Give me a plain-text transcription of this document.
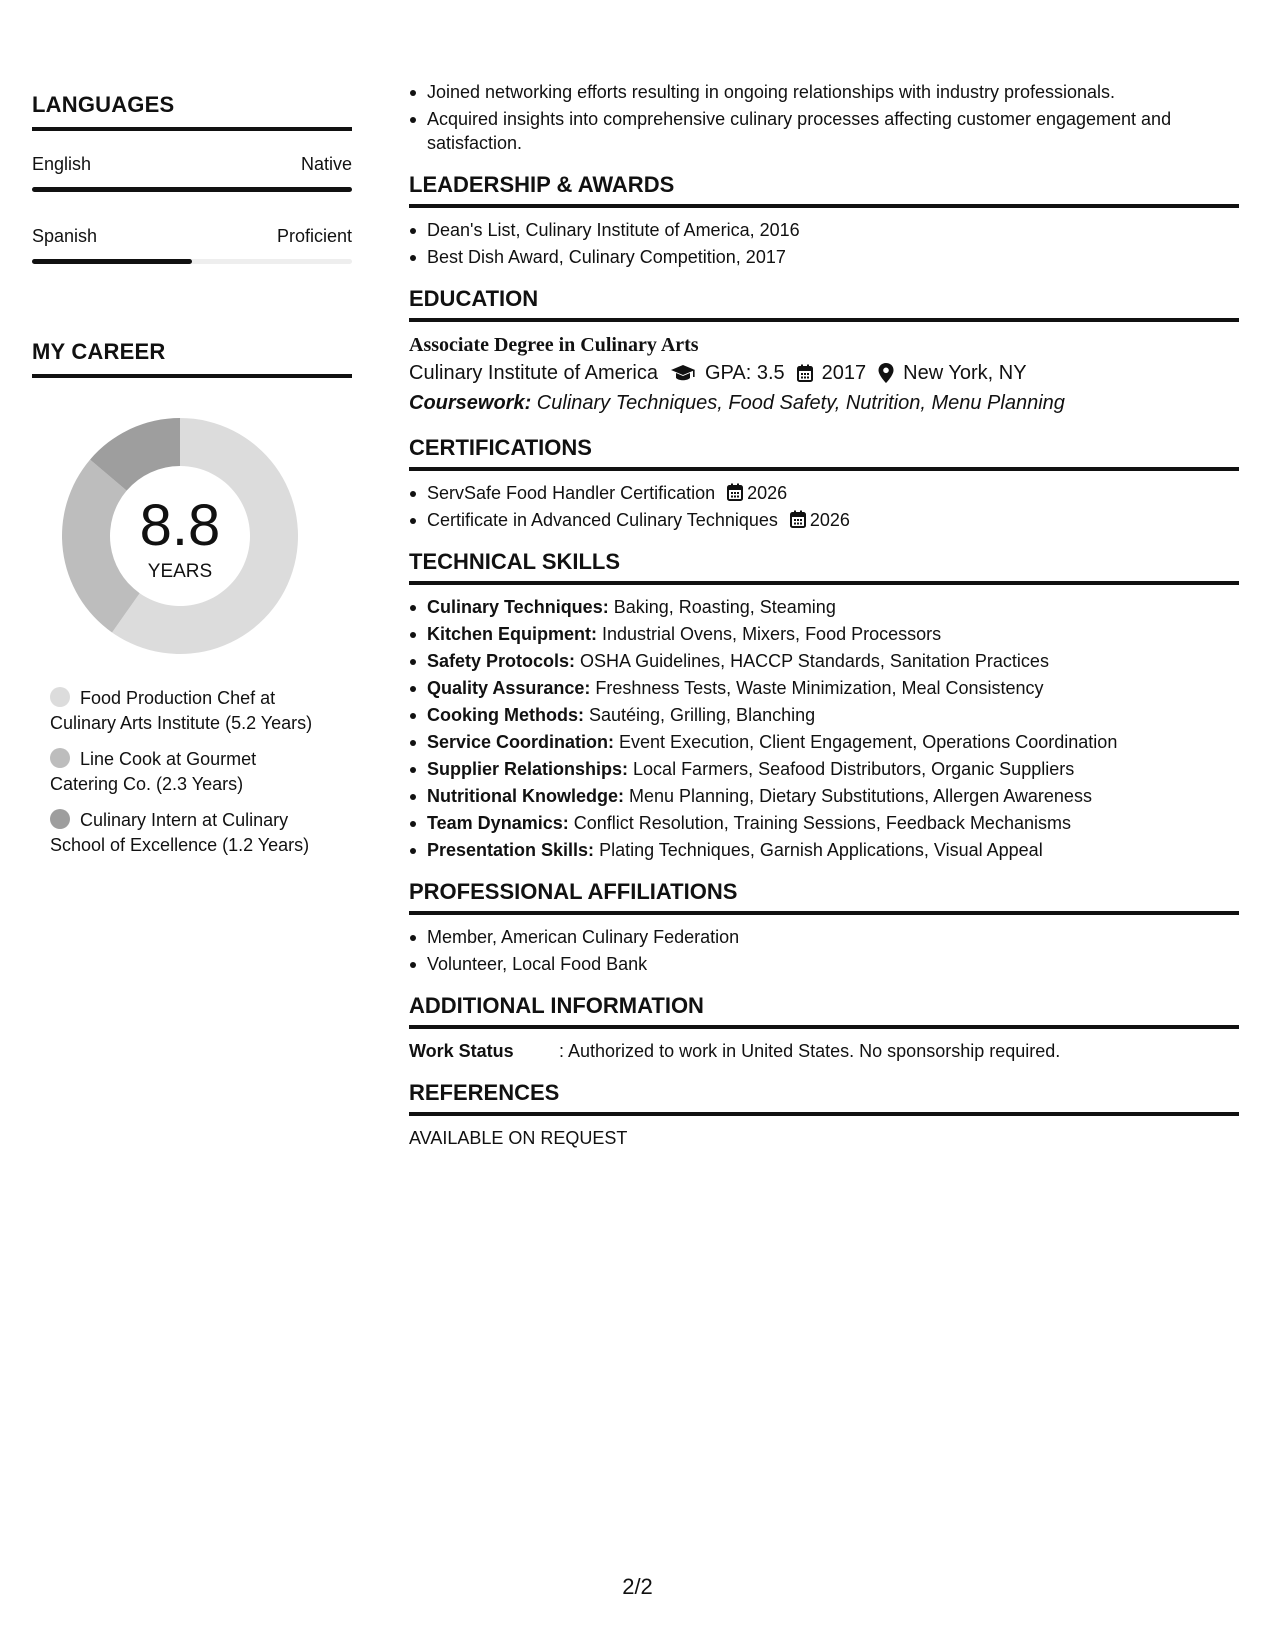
LANGUAGES
English	Native
Spanish	Proficient
MY CAREER
8.8
YEARS
Food Production Chef at Culinary Arts Institute (5.2 Years)
Line Cook at Gourmet Catering Co. (2.3 Years)
Culinary Intern at Culinary School of Excellence (1.2 Years)
Joined networking efforts resulting in ongoing relationships with industry professionals.
Acquired insights into comprehensive culinary processes affecting customer engagement and satisfaction.
LEADERSHIP & AWARDS
Dean's List, Culinary Institute of America, 2016
Best Dish Award, Culinary Competition, 2017
EDUCATION
Associate Degree in Culinary Arts
Culinary Institute of America GPA: 3.5 2017 New York, NY
Coursework: Culinary Techniques, Food Safety, Nutrition, Menu Planning
CERTIFICATIONS
ServSafe Food Handler Certification 2026
Certificate in Advanced Culinary Techniques 2026
TECHNICAL SKILLS
Culinary Techniques: Baking, Roasting, Steaming
Kitchen Equipment: Industrial Ovens, Mixers, Food Processors
Safety Protocols: OSHA Guidelines, HACCP Standards, Sanitation Practices
Quality Assurance: Freshness Tests, Waste Minimization, Meal Consistency
Cooking Methods: Sautéing, Grilling, Blanching
Service Coordination: Event Execution, Client Engagement, Operations Coordination
Supplier Relationships: Local Farmers, Seafood Distributors, Organic Suppliers
Nutritional Knowledge: Menu Planning, Dietary Substitutions, Allergen Awareness
Team Dynamics: Conflict Resolution, Training Sessions, Feedback Mechanisms
Presentation Skills: Plating Techniques, Garnish Applications, Visual Appeal
PROFESSIONAL AFFILIATIONS
Member, American Culinary Federation
Volunteer, Local Food Bank
ADDITIONAL INFORMATION
Work Status	: Authorized to work in United States. No sponsorship required.
REFERENCES
AVAILABLE ON REQUEST
2/2
